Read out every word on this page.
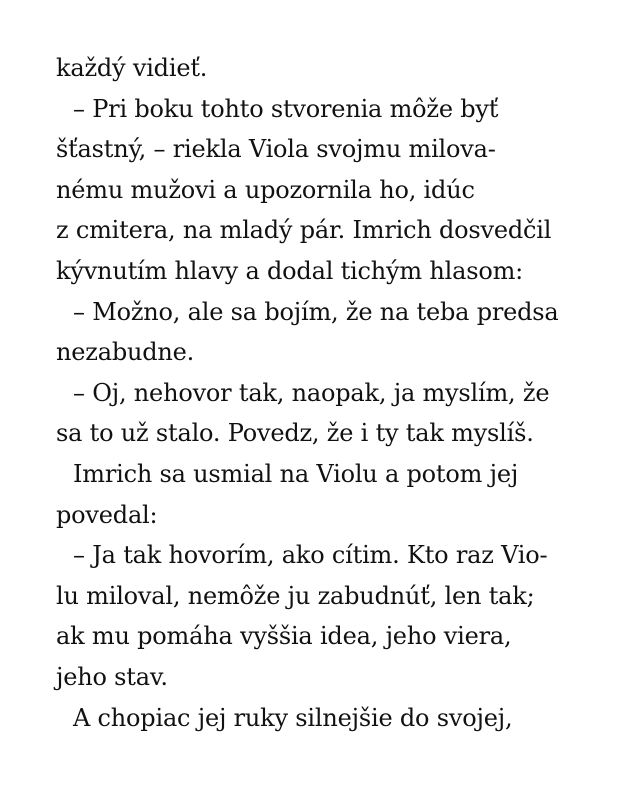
každý vidieť.
– Pri boku tohto stvorenia môže byť
šťastný, – riekla Viola svojmu milova-
nému mužovi a upozornila ho, idúc
z cmitera, na mladý pár. Imrich dosvedčil
kývnutím hlavy a dodal tichým hlasom:
– Možno, ale sa bojím, že na teba predsa
nezabudne.
– Oj, nehovor tak, naopak, ja myslím, že
sa to už stalo. Povedz, že i ty tak myslíš.
Imrich sa usmial na Violu a potom jej
povedal:
– Ja tak hovorím, ako cítim. Kto raz Vio-
lu miloval, nemôže ju zabudnúť, len tak;
ak mu pomáha vyššia idea, jeho viera,
jeho stav.
A chopiac jej ruky silnejšie do svojej,
